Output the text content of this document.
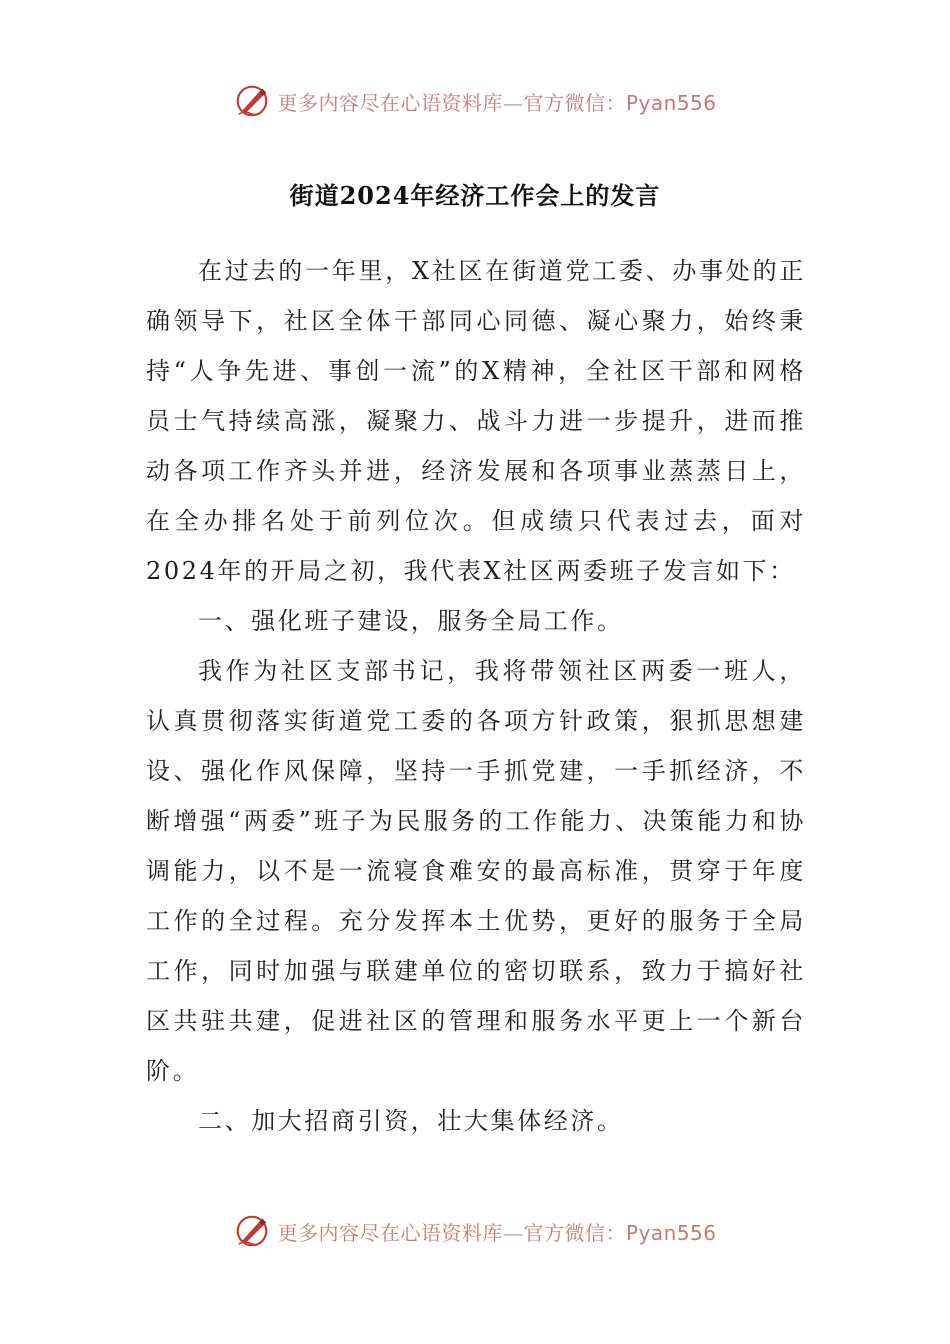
更多内容尽在心语资料库—官方微信：Pyan556
街道2024年经济工作会上的发言

在过去的一年里，X社区在街道党工委、办事处的正确领导下，社区全体干部同心同德、凝心聚力，始终秉持“人争先进、事创一流”的X精神，全社区干部和网格员士气持续高涨，凝聚力、战斗力进一步提升，进而推动各项工作齐头并进，经济发展和各项事业蒸蒸日上，在全办排名处于前列位次。但成绩只代表过去，面对2024年的开局之初，我代表X社区两委班子发言如下：

一、强化班子建设，服务全局工作。

我作为社区支部书记，我将带领社区两委一班人，认真贯彻落实街道党工委的各项方针政策，狠抓思想建设、强化作风保障，坚持一手抓党建，一手抓经济，不断增强“两委”班子为民服务的工作能力、决策能力和协调能力，以不是一流寝食难安的最高标准，贯穿于年度工作的全过程。充分发挥本土优势，更好的服务于全局工作，同时加强与联建单位的密切联系，致力于搞好社区共驻共建，促进社区的管理和服务水平更上一个新台阶。

二、加大招商引资，壮大集体经济。

更多内容尽在心语资料库—官方微信：Pyan556
